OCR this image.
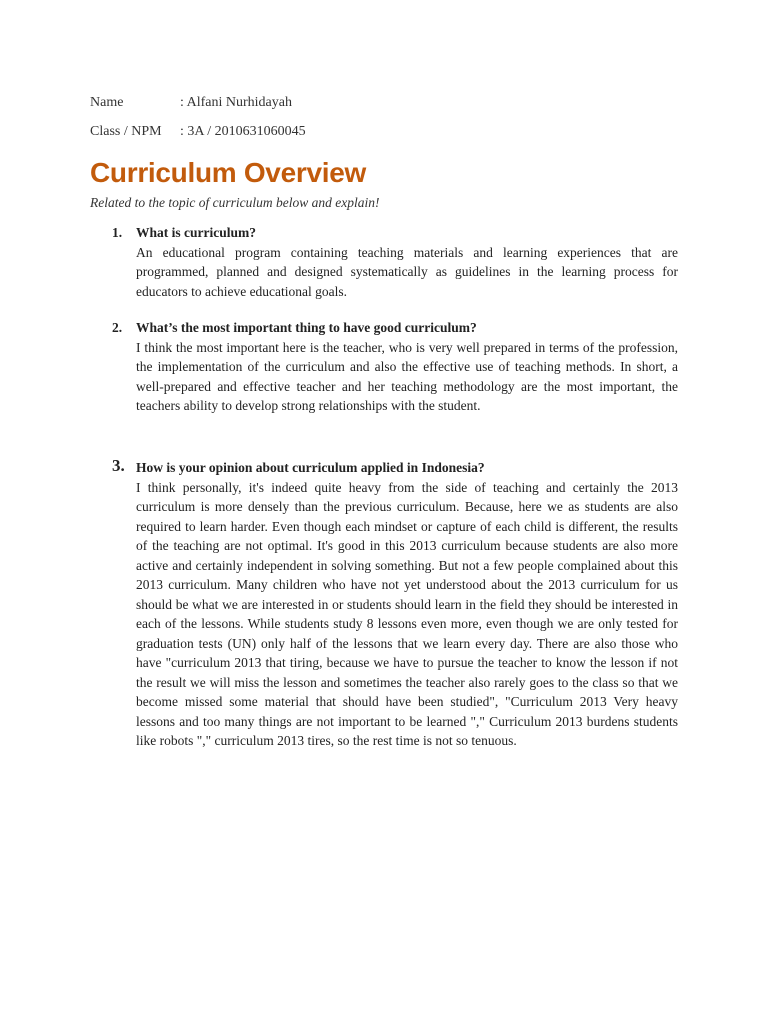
Name	: Alfani Nurhidayah
Class / NPM : 3A / 2010631060045
Curriculum Overview
Related to the topic of curriculum below and explain!
1. What is curriculum?
An educational program containing teaching materials and learning experiences that are programmed, planned and designed systematically as guidelines in the learning process for educators to achieve educational goals.
2. What’s the most important thing to have good curriculum?
I think the most important here is the teacher, who is very well prepared in terms of the profession, the implementation of the curriculum and also the effective use of teaching methods. In short, a well-prepared and effective teacher and her teaching methodology are the most important, the teachers ability to develop strong relationships with the student.
3. How is your opinion about curriculum applied in Indonesia?
I think personally, it's indeed quite heavy from the side of teaching and certainly the 2013 curriculum is more densely than the previous curriculum. Because, here we as students are also required to learn harder. Even though each mindset or capture of each child is different, the results of the teaching are not optimal. It's good in this 2013 curriculum because students are also more active and certainly independent in solving something. But not a few people complained about this 2013 curriculum. Many children who have not yet understood about the 2013 curriculum for us should be what we are interested in or students should learn in the field they should be interested in each of the lessons. While students study 8 lessons even more, even though we are only tested for graduation tests (UN) only half of the lessons that we learn every day. There are also those who have "curriculum 2013 that tiring, because we have to pursue the teacher to know the lesson if not the result we will miss the lesson and sometimes the teacher also rarely goes to the class so that we become missed some material that should have been studied", "Curriculum 2013 Very heavy lessons and too many things are not important to be learned "," Curriculum 2013 burdens students like robots "," curriculum 2013 tires, so the rest time is not so tenuous.
